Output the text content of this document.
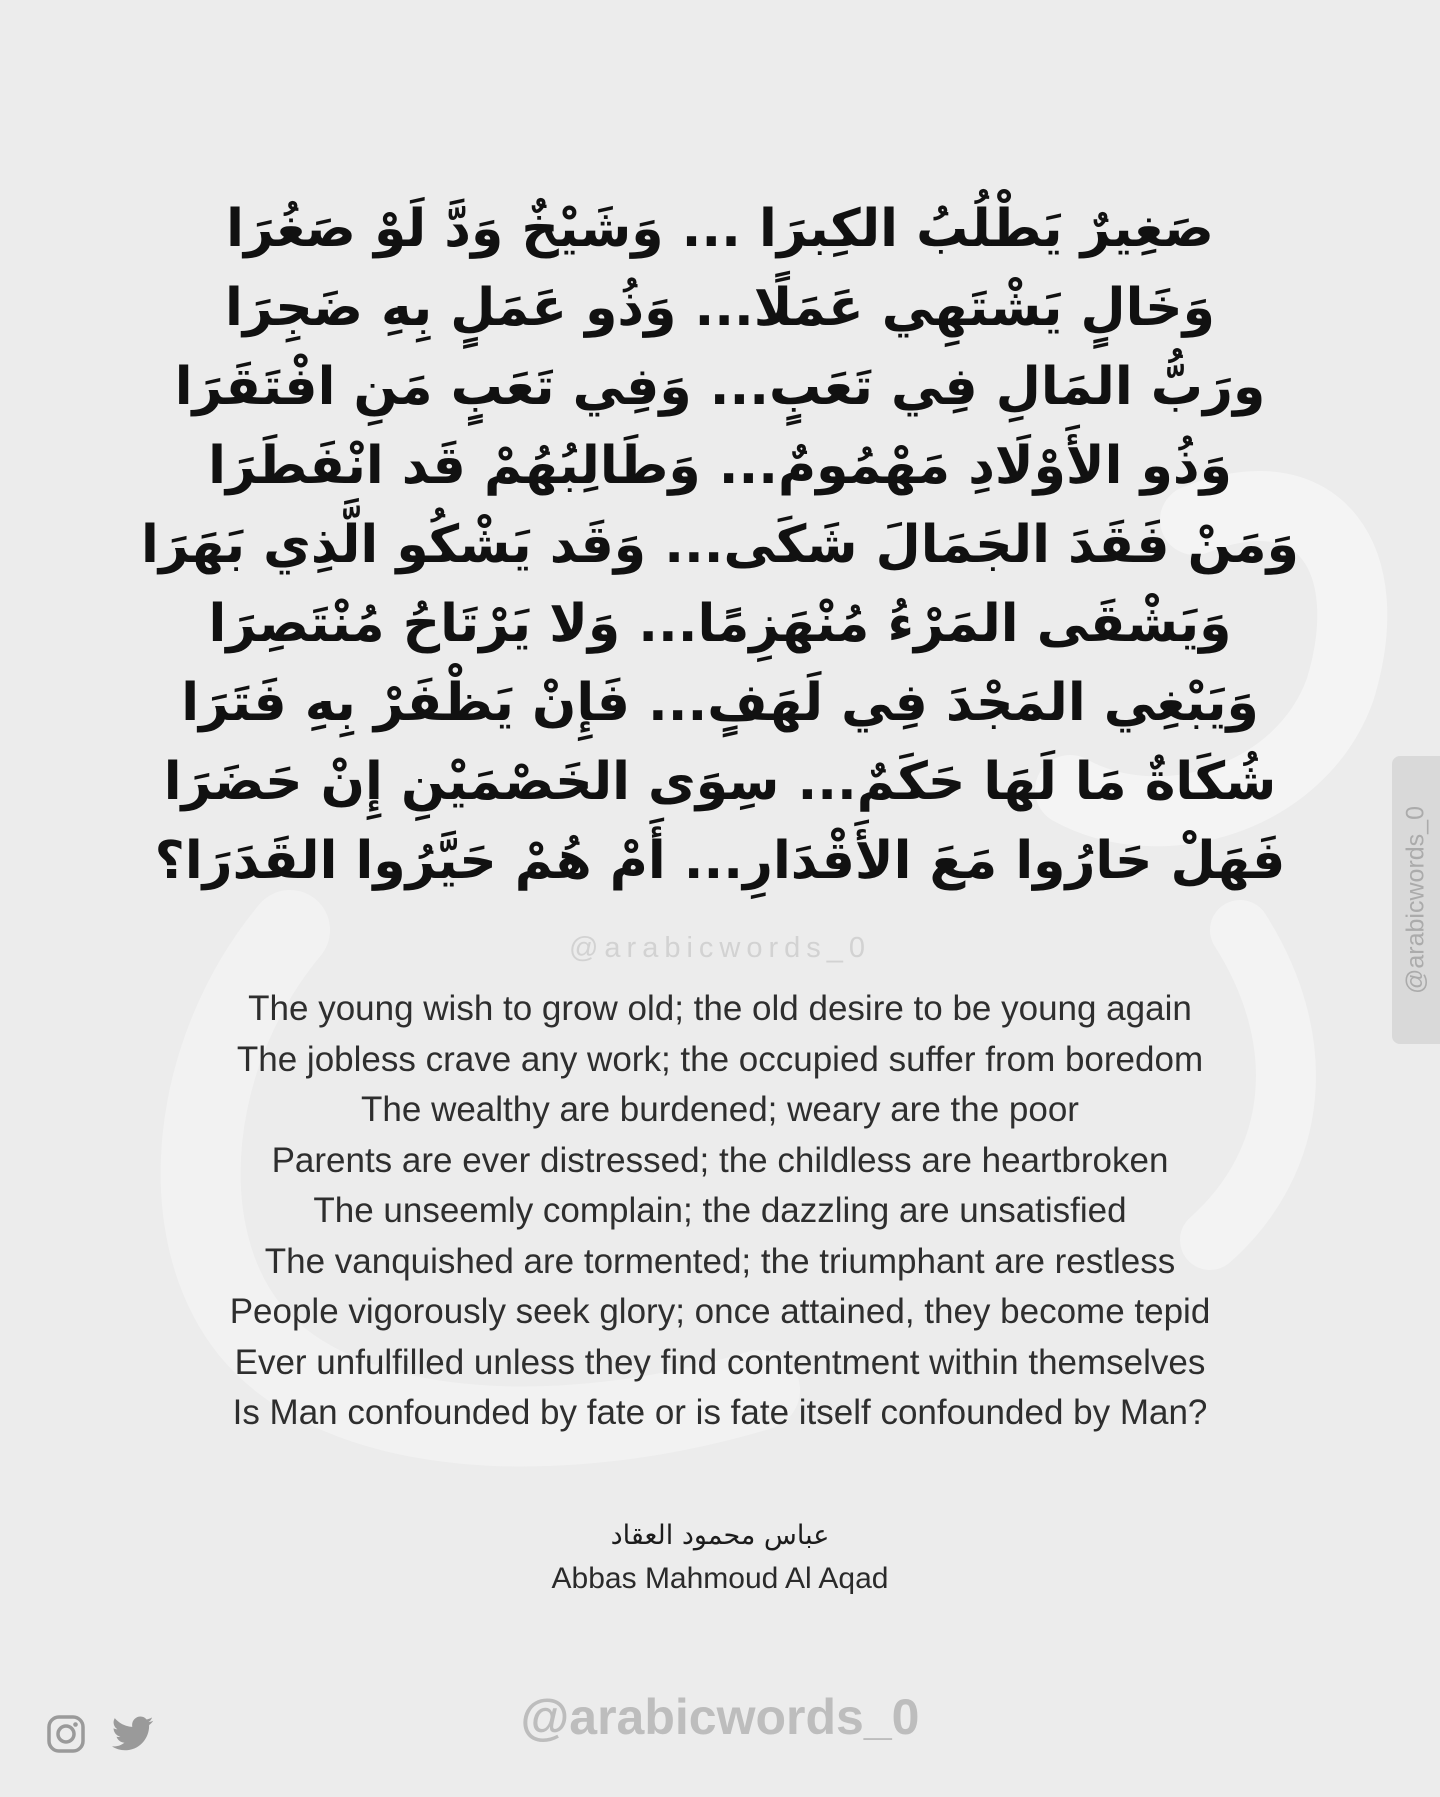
صَغِيرٌ يَطْلُبُ الكِبرَا ... وَشَيْخٌ وَدَّ لَوْ صَغُرَا
وَخَالٍ يَشْتَهِي عَمَلًا... وَذُو عَمَلٍ بِهِ ضَجِرَا
ورَبُّ المَالِ فِي تَعَبٍ... وَفِي تَعَبٍ مَنِ افْتَقَرَا
وَذُو الأَوْلَادِ مَهْمُومٌ... وَطَالِبُهُمْ قَد انْفَطَرَا
وَمَنْ فَقَدَ الجَمَالَ شَكَى... وَقَد يَشْكُو الَّذِي بَهَرَا
وَيَشْقَى المَرْءُ مُنْهَزِمًا... وَلا يَرْتَاحُ مُنْتَصِرَا
وَيَبْغِي المَجْدَ فِي لَهَفٍ... فَإِنْ يَظْفَرْ بِهِ فَتَرَا
شُكَاةٌ مَا لَهَا حَكَمٌ... سِوَى الخَصْمَيْنِ إِنْ حَضَرَا
فَهَلْ حَارُوا مَعَ الأَقْدَارِ... أَمْ هُمْ حَيَّرُوا القَدَرَا؟
@arabicwords_0
The young wish to grow old; the old desire to be young again
The jobless crave any work; the occupied suffer from boredom
The wealthy are burdened; weary are the poor
Parents are ever distressed; the childless are heartbroken
The unseemly complain; the dazzling are unsatisfied
The vanquished are tormented; the triumphant are restless
People vigorously seek glory; once attained, they become tepid
Ever unfulfilled unless they find contentment within themselves
Is Man confounded by fate or is fate itself confounded by Man?
عباس محمود العقاد
Abbas Mahmoud Al Aqad
@arabicwords_0
@arabicwords_0
